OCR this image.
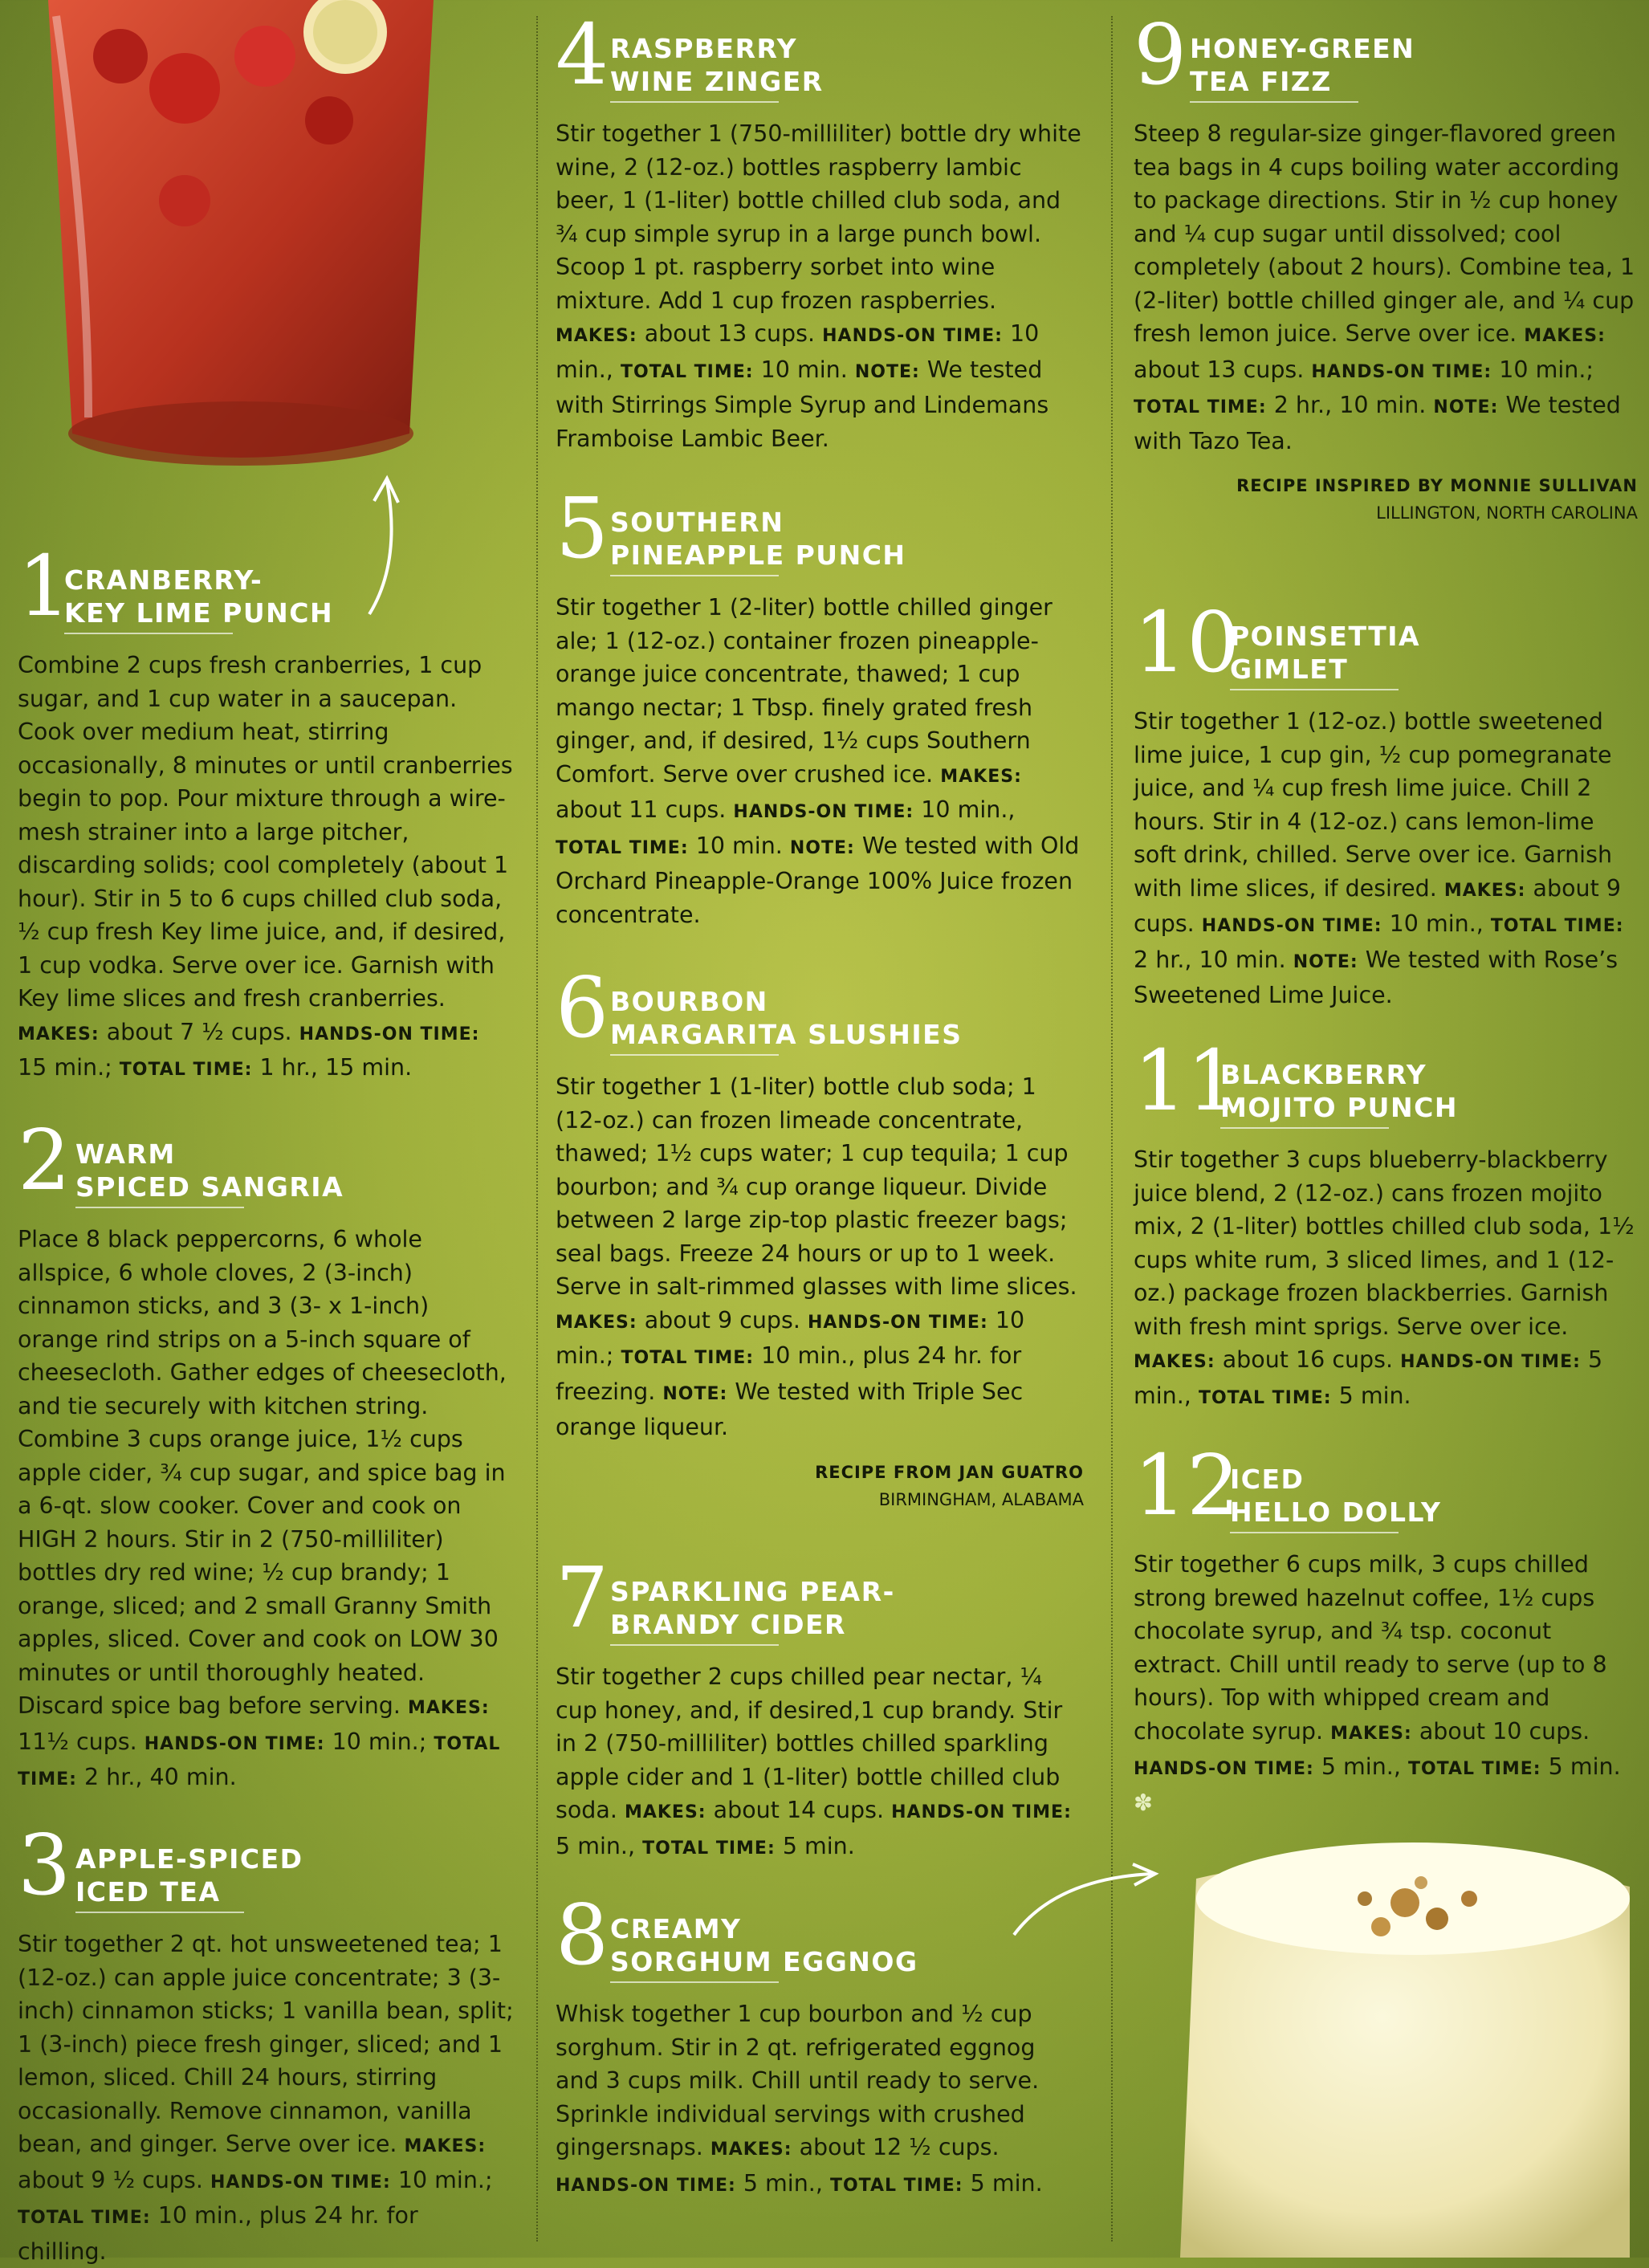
1
CRANBERRY-
KEY LIME PUNCH
Combine 2 cups fresh cranberries, 1 cup sugar, and 1 cup water in a saucepan. Cook over medium heat, stirring occasionally, 8 minutes or until cranberries begin to pop. Pour mixture through a wire-mesh strainer into a large pitcher, discarding solids; cool completely (about 1 hour). Stir in 5 to 6 cups chilled club soda, ½ cup fresh Key lime juice, and, if desired, 1 cup vodka. Serve over ice. Garnish with Key lime slices and fresh cranberries. MAKES: about 7 ½ cups. HANDS-ON TIME: 15 min.; TOTAL TIME: 1 hr., 15 min.
2 WARM
SPICED SANGRIA
Place 8 black peppercorns, 6 whole allspice, 6 whole cloves, 2 (3-inch) cinnamon sticks, and 3 (3- x 1-inch) orange rind strips on a 5-inch square of cheesecloth. Gather edges of cheesecloth, and tie securely with kitchen string. Combine 3 cups orange juice, 1½ cups apple cider, ¾ cup sugar, and spice bag in a 6-qt. slow cooker. Cover and cook on HIGH 2 hours. Stir in 2 (750-milliliter) bottles dry red wine; ½ cup brandy; 1 orange, sliced; and 2 small Granny Smith apples, sliced. Cover and cook on LOW 30 minutes or until thoroughly heated. Discard spice bag before serving. MAKES: 11½ cups. HANDS-ON TIME: 10 min.; TOTAL TIME: 2 hr., 40 min.
3 APPLE-SPICED
ICED TEA
Stir together 2 qt. hot unsweetened tea; 1 (12-oz.) can apple juice concentrate; 3 (3-inch) cinnamon sticks; 1 vanilla bean, split; 1 (3-inch) piece fresh ginger, sliced; and 1 lemon, sliced. Chill 24 hours, stirring occasionally. Remove cinnamon, vanilla bean, and ginger. Serve over ice. MAKES: about 9 ½ cups. HANDS-ON TIME: 10 min.; TOTAL TIME: 10 min., plus 24 hr. for chilling.
4 RASPBERRY
WINE ZINGER
Stir together 1 (750-milliliter) bottle dry white wine, 2 (12-oz.) bottles raspberry lambic beer, 1 (1-liter) bottle chilled club soda, and ¾ cup simple syrup in a large punch bowl. Scoop 1 pt. raspberry sorbet into wine mixture. Add 1 cup frozen raspberries. MAKES: about 13 cups. HANDS-ON TIME: 10 min., TOTAL TIME: 10 min. NOTE: We tested with Stirrings Simple Syrup and Lindemans Framboise Lambic Beer.
5 SOUTHERN
PINEAPPLE PUNCH
Stir together 1 (2-liter) bottle chilled ginger ale; 1 (12-oz.) container frozen pineapple-orange juice concentrate, thawed; 1 cup mango nectar; 1 Tbsp. finely grated fresh ginger, and, if desired, 1½ cups Southern Comfort. Serve over crushed ice. MAKES: about 11 cups. HANDS-ON TIME: 10 min., TOTAL TIME: 10 min. NOTE: We tested with Old Orchard Pineapple-Orange 100% Juice frozen concentrate.
6 BOURBON
MARGARITA SLUSHIES
Stir together 1 (1-liter) bottle club soda; 1 (12-oz.) can frozen limeade concentrate, thawed; 1½ cups water; 1 cup tequila; 1 cup bourbon; and ¾ cup orange liqueur. Divide between 2 large zip-top plastic freezer bags; seal bags. Freeze 24 hours or up to 1 week. Serve in salt-rimmed glasses with lime slices. MAKES: about 9 cups. HANDS-ON TIME: 10 min.; TOTAL TIME: 10 min., plus 24 hr. for freezing. NOTE: We tested with Triple Sec orange liqueur.
RECIPE FROM JAN GUATRO
BIRMINGHAM, ALABAMA
7 SPARKLING PEAR-
BRANDY CIDER
Stir together 2 cups chilled pear nectar, ¼ cup honey, and, if desired,1 cup brandy. Stir in 2 (750-milliliter) bottles chilled sparkling apple cider and 1 (1-liter) bottle chilled club soda. MAKES: about 14 cups. HANDS-ON TIME: 5 min., TOTAL TIME: 5 min.
8 CREAMY
SORGHUM EGGNOG
Whisk together 1 cup bourbon and ½ cup sorghum. Stir in 2 qt. refrigerated eggnog and 3 cups milk. Chill until ready to serve. Sprinkle individual servings with crushed gingersnaps. MAKES: about 12 ½ cups. HANDS-ON TIME: 5 min., TOTAL TIME: 5 min.
9 HONEY-GREEN
TEA FIZZ
Steep 8 regular-size ginger-flavored green tea bags in 4 cups boiling water according to package directions. Stir in ½ cup honey and ¼ cup sugar until dissolved; cool completely (about 2 hours). Combine tea, 1 (2-liter) bottle chilled ginger ale, and ¼ cup fresh lemon juice. Serve over ice. MAKES: about 13 cups. HANDS-ON TIME: 10 min.; TOTAL TIME: 2 hr., 10 min. NOTE: We tested with Tazo Tea.
RECIPE INSPIRED BY MONNIE SULLIVAN
LILLINGTON, NORTH CAROLINA
10
POINSETTIA
GIMLET
Stir together 1 (12-oz.) bottle sweetened lime juice, 1 cup gin, ½ cup pomegranate juice, and ¼ cup fresh lime juice. Chill 2 hours. Stir in 4 (12-oz.) cans lemon-lime soft drink, chilled. Serve over ice. Garnish with lime slices, if desired. MAKES: about 9 cups. HANDS-ON TIME: 10 min., TOTAL TIME: 2 hr., 10 min. NOTE: We tested with Rose’s Sweetened Lime Juice.
11
BLACKBERRY
MOJITO PUNCH
Stir together 3 cups blueberry-blackberry juice blend, 2 (12-oz.) cans frozen mojito mix, 2 (1-liter) bottles chilled club soda, 1½ cups white rum, 3 sliced limes, and 1 (12-oz.) package frozen blackberries. Garnish with fresh mint sprigs. Serve over ice. MAKES: about 16 cups. HANDS-ON TIME: 5 min., TOTAL TIME: 5 min.
12
ICED
HELLO DOLLY
Stir together 6 cups milk, 3 cups chilled strong brewed hazelnut coffee, 1½ cups chocolate syrup, and ¾ tsp. coconut extract. Chill until ready to serve (up to 8 hours). Top with whipped cream and chocolate syrup. MAKES: about 10 cups. HANDS-ON TIME: 5 min., TOTAL TIME: 5 min. ✽
